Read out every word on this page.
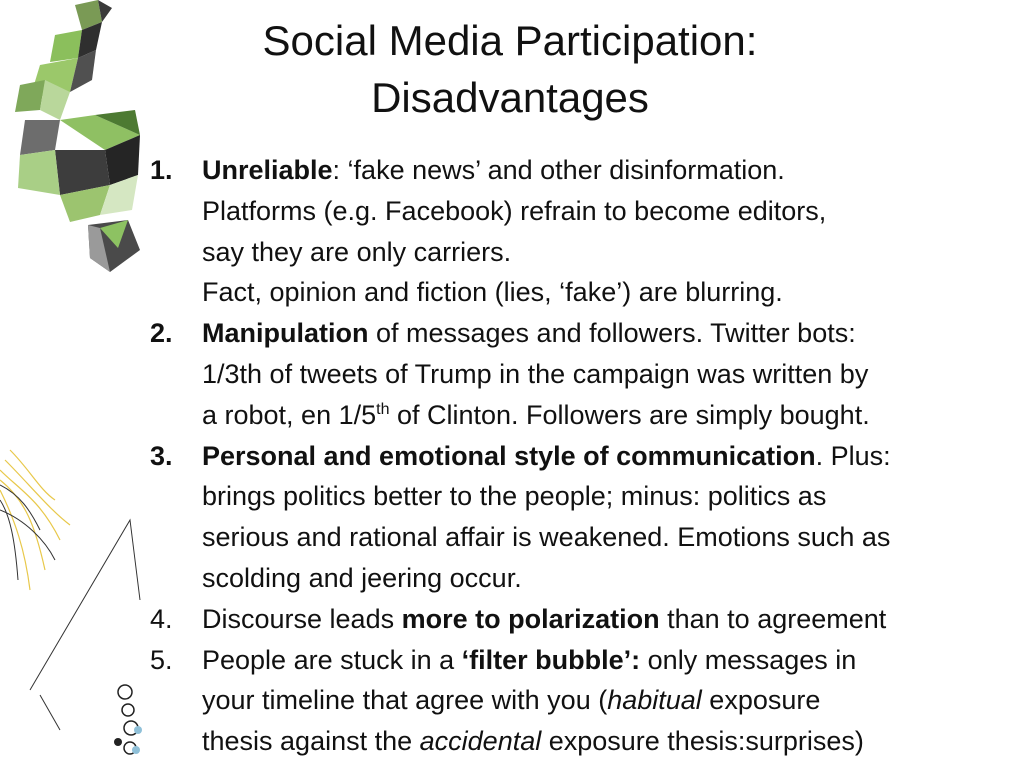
Social Media Participation:
Disadvantages
1.	Unreliable: ‘fake news’ and other disinformation.
Platforms (e.g. Facebook) refrain to become editors,
say they are only carriers.
Fact, opinion and fiction (lies, ‘fake’) are blurring.
2.	Manipulation of messages and followers. Twitter bots:
1/3th of tweets of Trump in the campaign was written by
a robot, en 1/5th of Clinton. Followers are simply bought.
3.	Personal and emotional style of communication. Plus:
brings politics better to the people; minus: politics as
serious and rational affair is weakened. Emotions such as
scolding and jeering occur.
4.	Discourse leads more to polarization than to agreement
5.	People are stuck in a ‘filter bubble’: only messages in
your timeline that agree with you (habitual exposure
thesis against the accidental exposure thesis:surprises)
